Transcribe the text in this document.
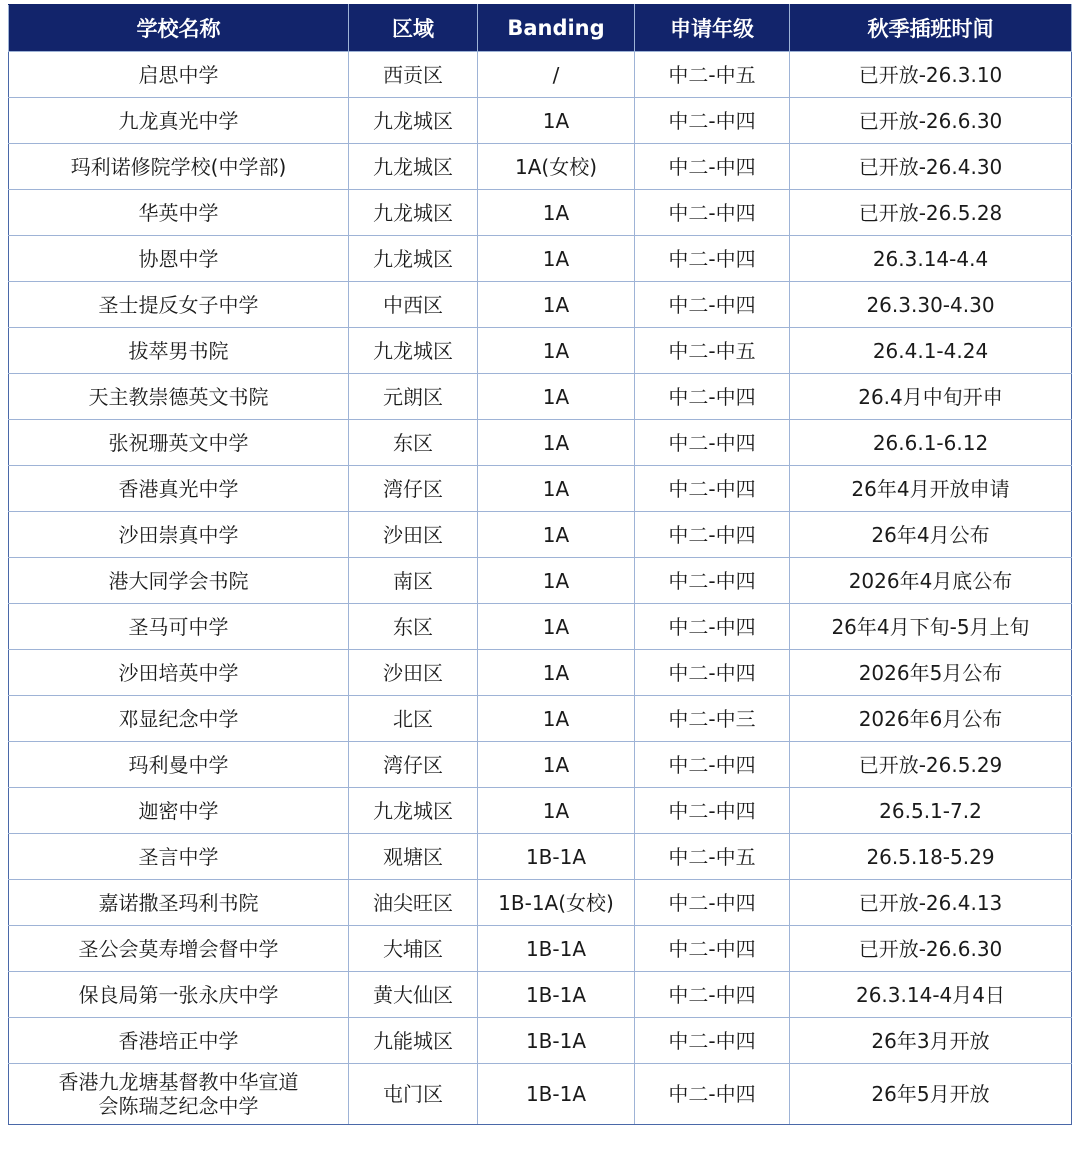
学校名称	区域	Banding	申请年级	秋季插班时间

启思中学	西贡区	/	中二-中五	已开放-26.3.10

九龙真光中学	九龙城区	1A	中二-中四	已开放-26.6.30

玛利诺修院学校(中学部)	九龙城区	1A(女校)	中二-中四	已开放-26.4.30

华英中学	九龙城区	1A	中二-中四	已开放-26.5.28

协恩中学	九龙城区	1A	中二-中四	26.3.14-4.4

圣士提反女子中学	中西区	1A	中二-中四	26.3.30-4.30

拔萃男书院	九龙城区	1A	中二-中五	26.4.1-4.24

天主教崇德英文书院	元朗区	1A	中二-中四	26.4月中旬开申

张祝珊英文中学	东区	1A	中二-中四	26.6.1-6.12

香港真光中学	湾仔区	1A	中二-中四	26年4月开放申请

沙田崇真中学	沙田区	1A	中二-中四	26年4月公布

港大同学会书院	南区	1A	中二-中四	2026年4月底公布

圣马可中学	东区	1A	中二-中四	26年4月下旬-5月上旬

沙田培英中学	沙田区	1A	中二-中四	2026年5月公布

邓显纪念中学	北区	1A	中二-中三	2026年6月公布

玛利曼中学	湾仔区	1A	中二-中四	已开放-26.5.29

迦密中学	九龙城区	1A	中二-中四	26.5.1-7.2

圣言中学	观塘区	1B-1A	中二-中五	26.5.18-5.29

嘉诺撒圣玛利书院	油尖旺区	1B-1A(女校)	中二-中四	已开放-26.4.13

圣公会莫寿增会督中学	大埔区	1B-1A	中二-中四	已开放-26.6.30

保良局第一张永庆中学	黄大仙区	1B-1A	中二-中四	26.3.14-4月4日

香港培正中学	九能城区	1B-1A	中二-中四	26年3月开放

香港九龙塘基督教中华宣道
会陈瑞芝纪念中学	屯门区	1B-1A	中二-中四	26年5月开放
